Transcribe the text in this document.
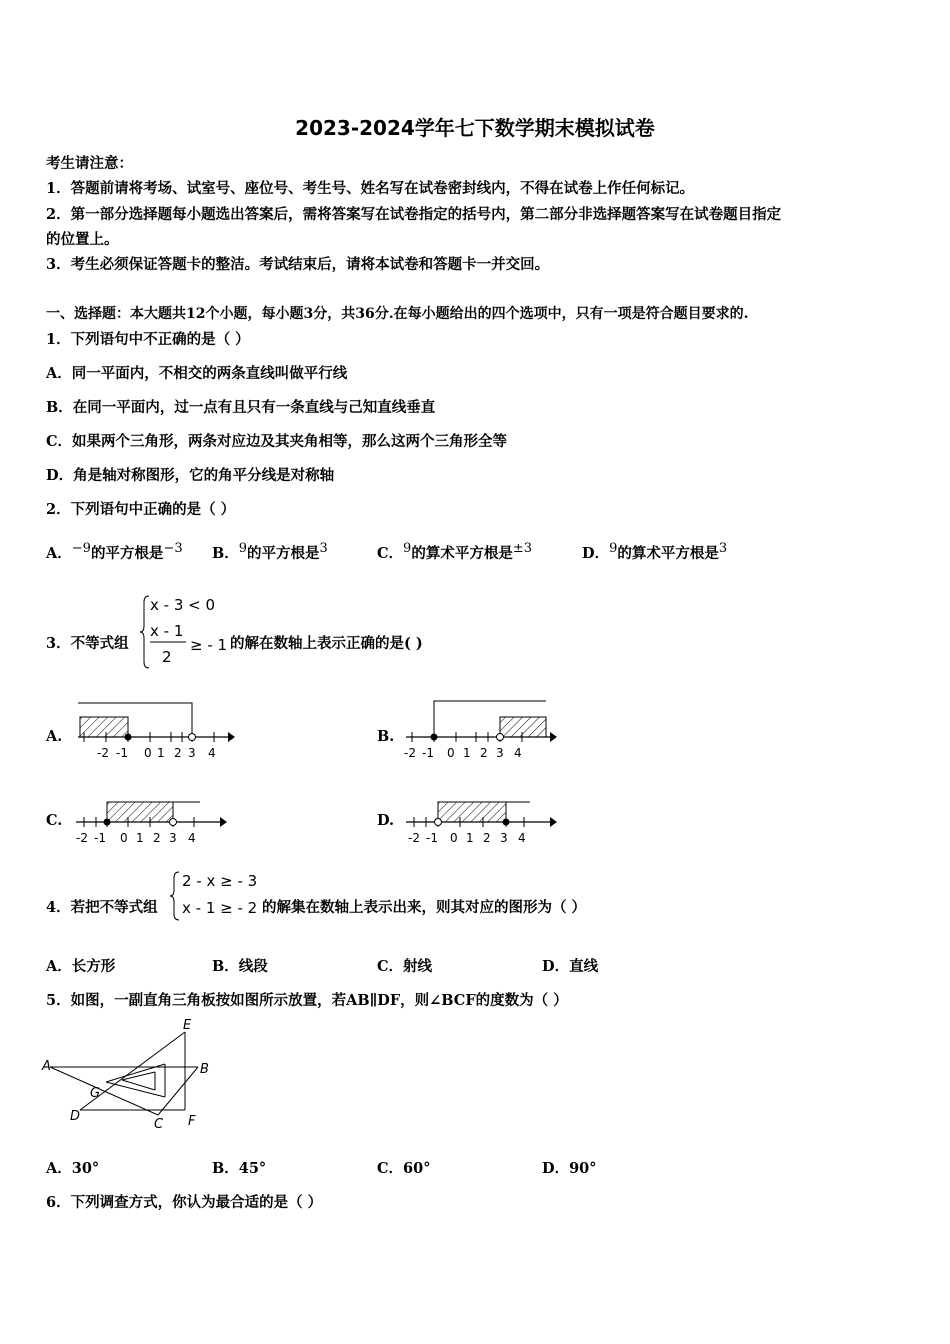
2023-2024学年七下数学期末模拟试卷
考生请注意：
1．答题前请将考场、试室号、座位号、考生号、姓名写在试卷密封线内，不得在试卷上作任何标记。
2．第一部分选择题每小题选出答案后，需将答案写在试卷指定的括号内，第二部分非选择题答案写在试卷题目指定
的位置上。
3．考生必须保证答题卡的整洁。考试结束后，请将本试卷和答题卡一并交回。
一、选择题：本大题共12个小题，每小题3分，共36分.在每小题给出的四个选项中，只有一项是符合题目要求的.
1．下列语句中不正确的是（ ）
A．同一平面内，不相交的两条直线叫做平行线
B．在同一平面内，过一点有且只有一条直线与己知直线垂直
C．如果两个三角形，两条对应边及其夹角相等，那么这两个三角形全等
D．角是轴对称图形，它的角平分线是对称轴
2．下列语句中正确的是（ ）
A．−9的平方根是−3 B．9的平方根是3	C．9的算术平方根是±3	D．9的算术平方根是3
3．不等式组
x - 3 < 0
x - 1
2
≥ - 1 的解在数轴上表示正确的是( )
A.	B.
C.	D.
-2 -1 0 1 2 3 4	-2 -1 0 1 2 3 4
-2 -1 0 1 2 3 4	-2 -1 0 1 2 3 4
4．若把不等式组
2 - x ≥ - 3
x - 1 ≥ - 2 的解集在数轴上表示出来，则其对应的图形为（ ）
A．长方形	B．线段	C．射线	D．直线
5．如图，一副直角三角板按如图所示放置，若AB∥DF，则∠BCF的度数为（ ）
A	B
C
D
E
F
G
A．30°	B．45°	C．60°	D．90°
6．下列调查方式，你认为最合适的是（ ）
